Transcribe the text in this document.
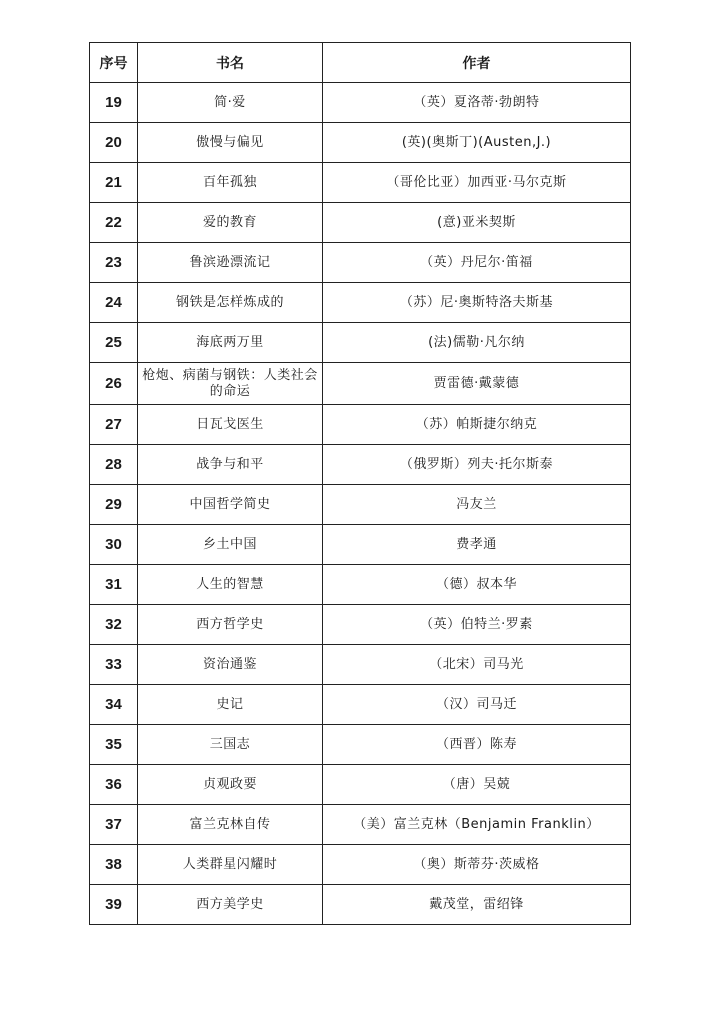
序号	书名	作者
19	简·爱	（英）夏洛蒂·勃朗特
20	傲慢与偏见	(英)(奥斯丁)(Austen,J.)
21	百年孤独	（哥伦比亚）加西亚·马尔克斯
22	爱的教育	(意)亚米契斯
23	鲁滨逊漂流记	（英）丹尼尔·笛福
24	钢铁是怎样炼成的	（苏）尼·奥斯特洛夫斯基
25	海底两万里	(法)儒勒·凡尔纳
26	枪炮、病菌与钢铁：人类社会的命运	贾雷德·戴蒙德
27	日瓦戈医生	（苏）帕斯捷尔纳克
28	战争与和平	（俄罗斯）列夫·托尔斯泰
29	中国哲学简史	冯友兰
30	乡土中国	费孝通
31	人生的智慧	（德）叔本华
32	西方哲学史	（英）伯特兰·罗素
33	资治通鉴	（北宋）司马光
34	史记	（汉）司马迁
35	三国志	（西晋）陈寿
36	贞观政要	（唐）吴兢
37	富兰克林自传	（美）富兰克林（Benjamin Franklin）
38	人类群星闪耀时	（奥）斯蒂芬·茨威格
39	西方美学史	戴茂堂，雷绍锋
